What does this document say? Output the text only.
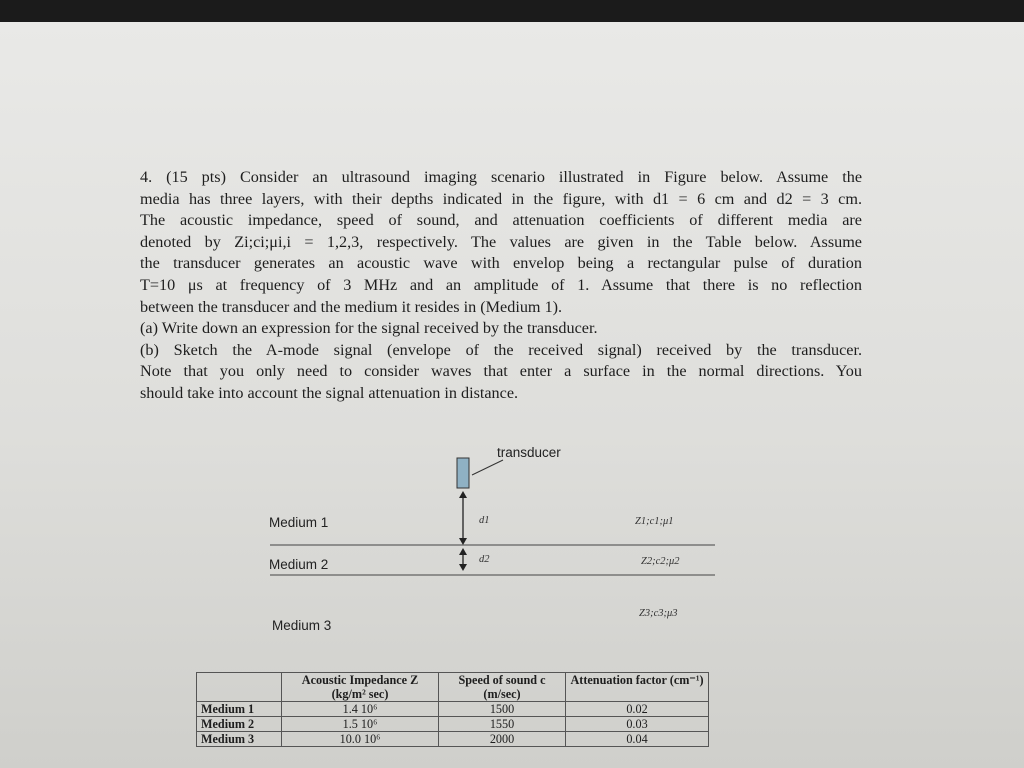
4. (15 pts) Consider an ultrasound imaging scenario illustrated in Figure below. Assume the
media has three layers, with their depths indicated in the figure, with d1 = 6 cm and d2 = 3 cm.
The acoustic impedance, speed of sound, and attenuation coefficients of different media are
denoted by Zi;ci;μi,i = 1,2,3, respectively. The values are given in the Table below. Assume
the transducer generates an acoustic wave with envelop being a rectangular pulse of duration
T=10 μs at frequency of 3 MHz and an amplitude of 1. Assume that there is no reflection
between the transducer and the medium it resides in (Medium 1).
(a) Write down an expression for the signal received by the transducer.
(b) Sketch the A-mode signal (envelope of the received signal) received by the transducer.
Note that you only need to consider waves that enter a surface in the normal directions. You
should take into account the signal attenuation in distance.
transducer
Medium 1
Medium 2
Medium 3
d1
d2
Z1;c1;μ1
Z2;c2;μ2
Z3;c3;μ3
	Acoustic Impedance Z (kg/m² sec)	Speed of sound c (m/sec)	Attenuation factor (cm⁻¹)
Medium 1	1.4 10⁶	1500	0.02
Medium 2	1.5 10⁶	1550	0.03
Medium 3	10.0 10⁶	2000	0.04
